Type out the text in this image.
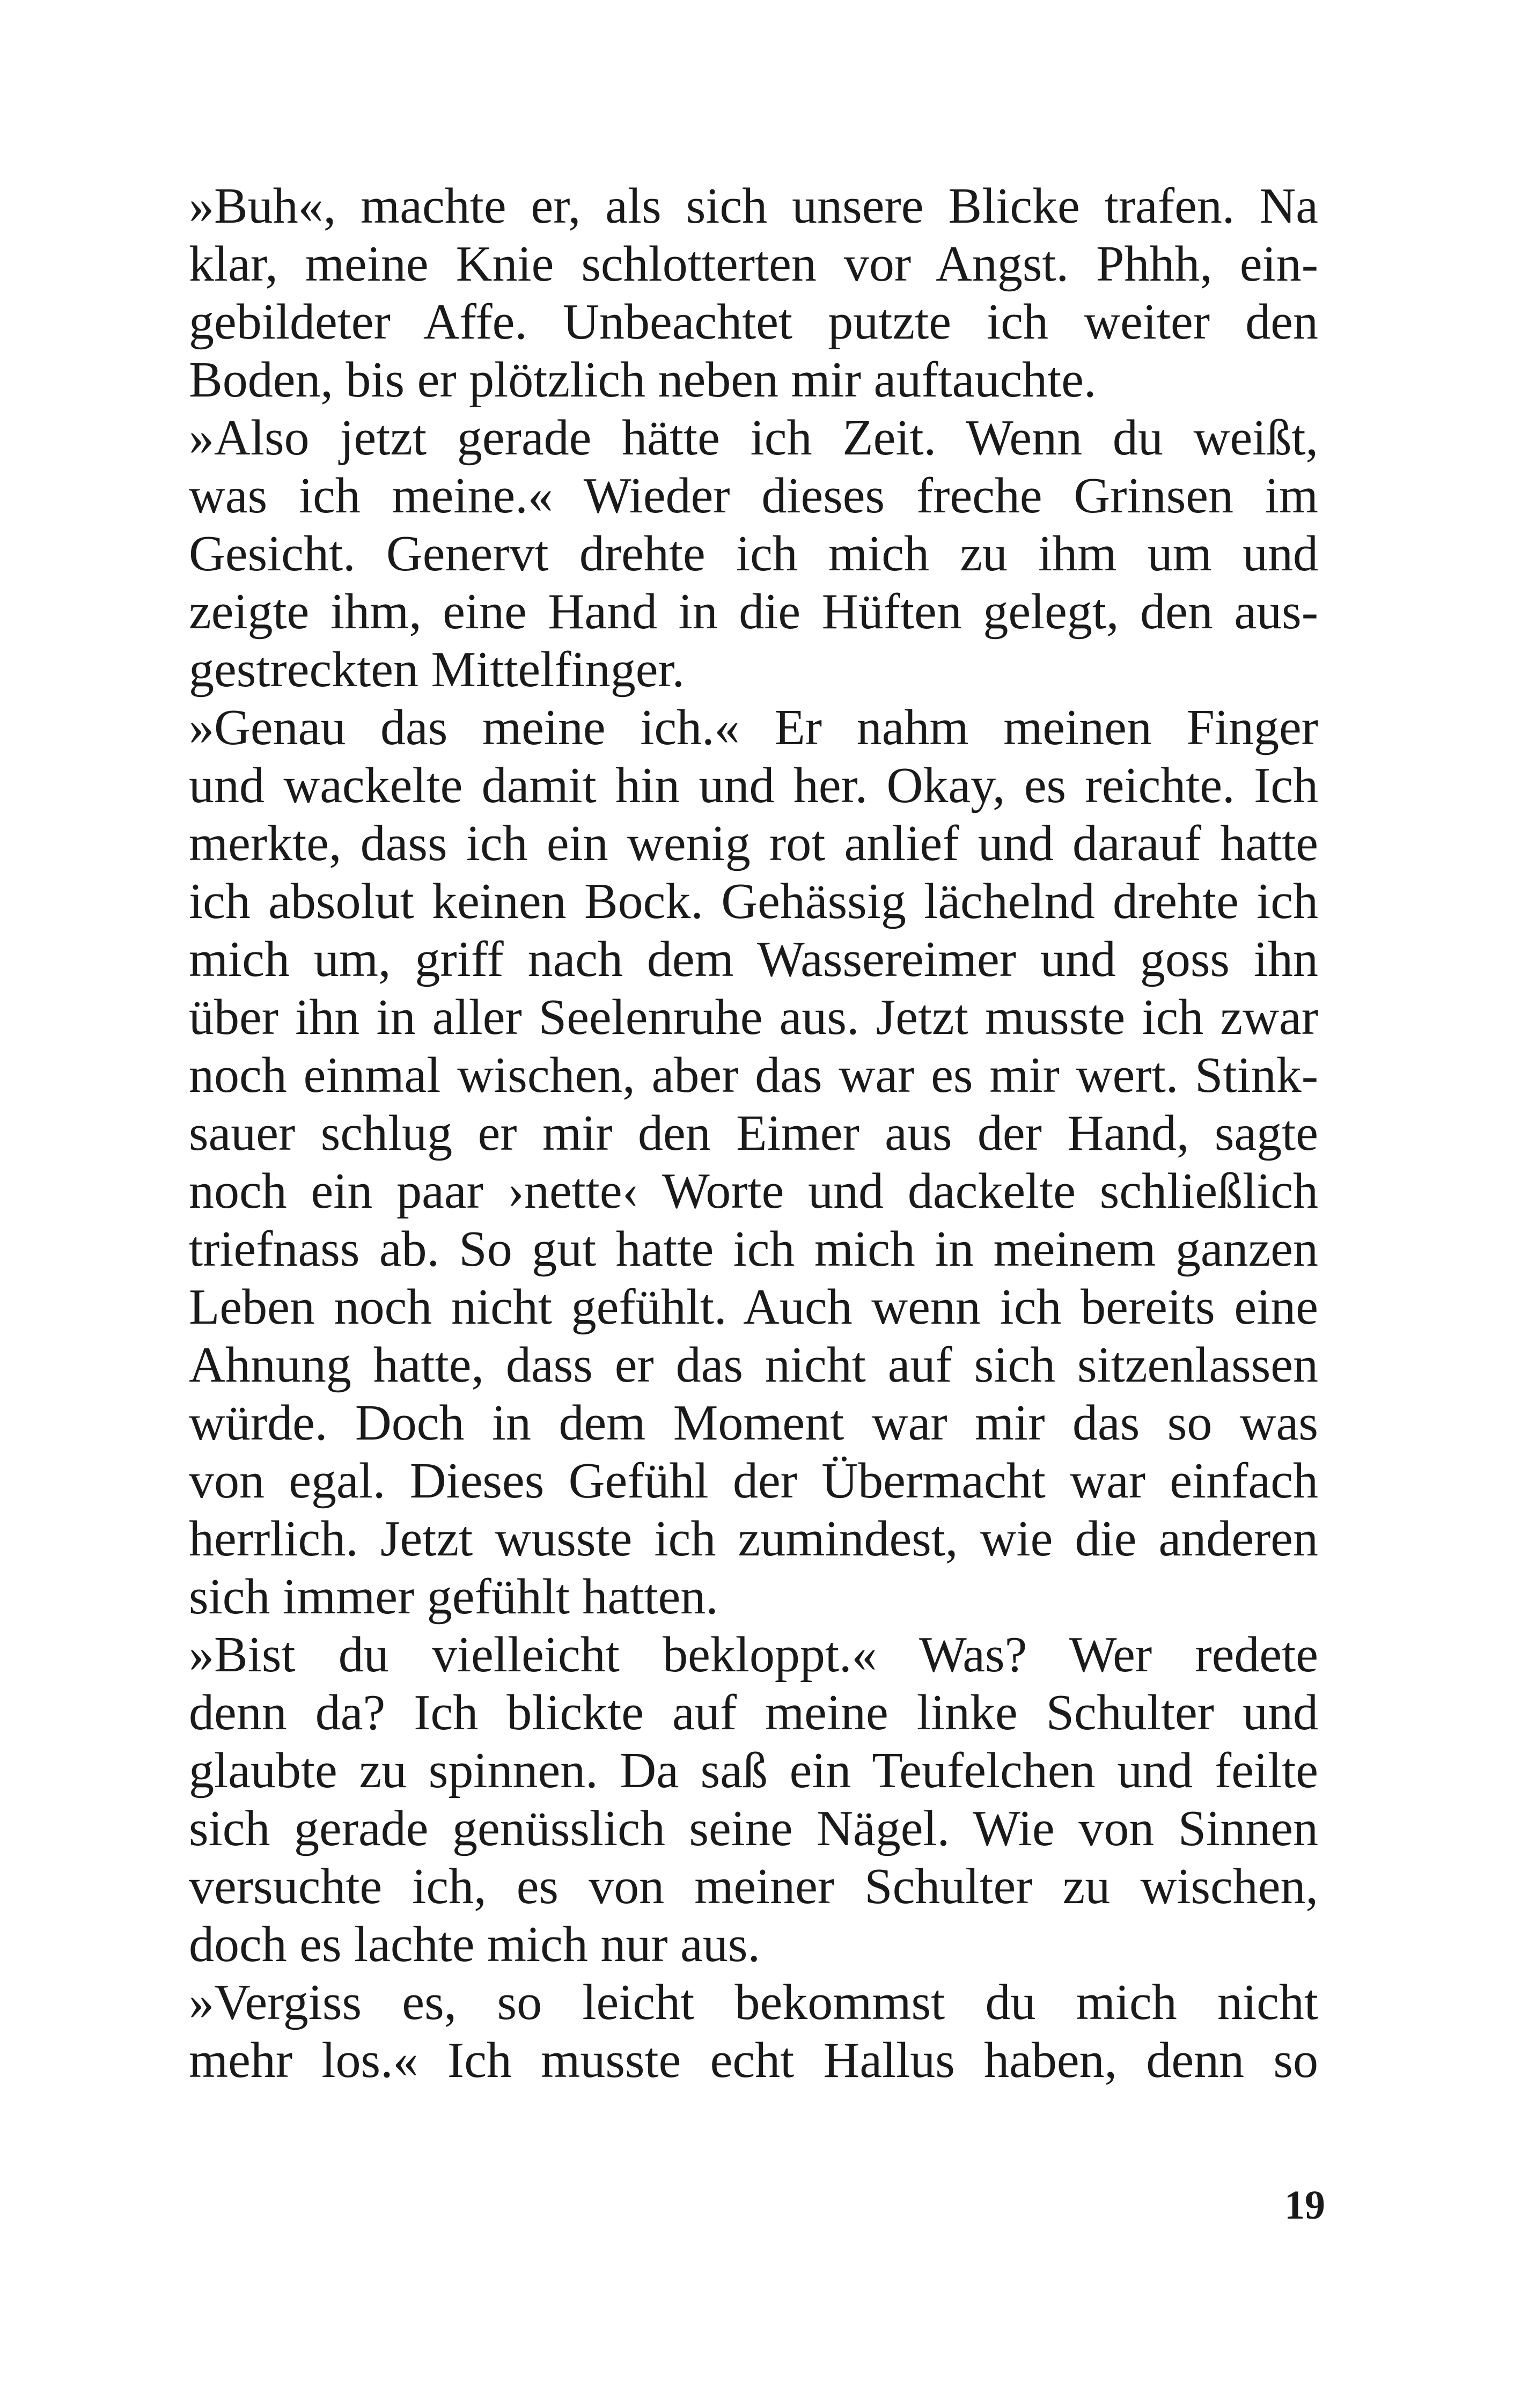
»Buh«, machte er, als sich unsere Blicke trafen. Na
klar, meine Knie schlotterten vor Angst. Phhh, ein-
gebildeter Affe. Unbeachtet putzte ich weiter den
Boden, bis er plötzlich neben mir auftauchte.
»Also jetzt gerade hätte ich Zeit. Wenn du weißt,
was ich meine.« Wieder dieses freche Grinsen im
Gesicht. Genervt drehte ich mich zu ihm um und
zeigte ihm, eine Hand in die Hüften gelegt, den aus-
gestreckten Mittelfinger.
»Genau das meine ich.« Er nahm meinen Finger
und wackelte damit hin und her. Okay, es reichte. Ich
merkte, dass ich ein wenig rot anlief und darauf hatte
ich absolut keinen Bock. Gehässig lächelnd drehte ich
mich um, griff nach dem Wassereimer und goss ihn
über ihn in aller Seelenruhe aus. Jetzt musste ich zwar
noch einmal wischen, aber das war es mir wert. Stink-
sauer schlug er mir den Eimer aus der Hand, sagte
noch ein paar ›nette‹ Worte und dackelte schließlich
triefnass ab. So gut hatte ich mich in meinem ganzen
Leben noch nicht gefühlt. Auch wenn ich bereits eine
Ahnung hatte, dass er das nicht auf sich sitzenlassen
würde. Doch in dem Moment war mir das so was
von egal. Dieses Gefühl der Übermacht war einfach
herrlich. Jetzt wusste ich zumindest, wie die anderen
sich immer gefühlt hatten.
»Bist du vielleicht bekloppt.« Was? Wer redete
denn da? Ich blickte auf meine linke Schulter und
glaubte zu spinnen. Da saß ein Teufelchen und feilte
sich gerade genüsslich seine Nägel. Wie von Sinnen
versuchte ich, es von meiner Schulter zu wischen,
doch es lachte mich nur aus.
»Vergiss es, so leicht bekommst du mich nicht
mehr los.« Ich musste echt Hallus haben, denn so
19
